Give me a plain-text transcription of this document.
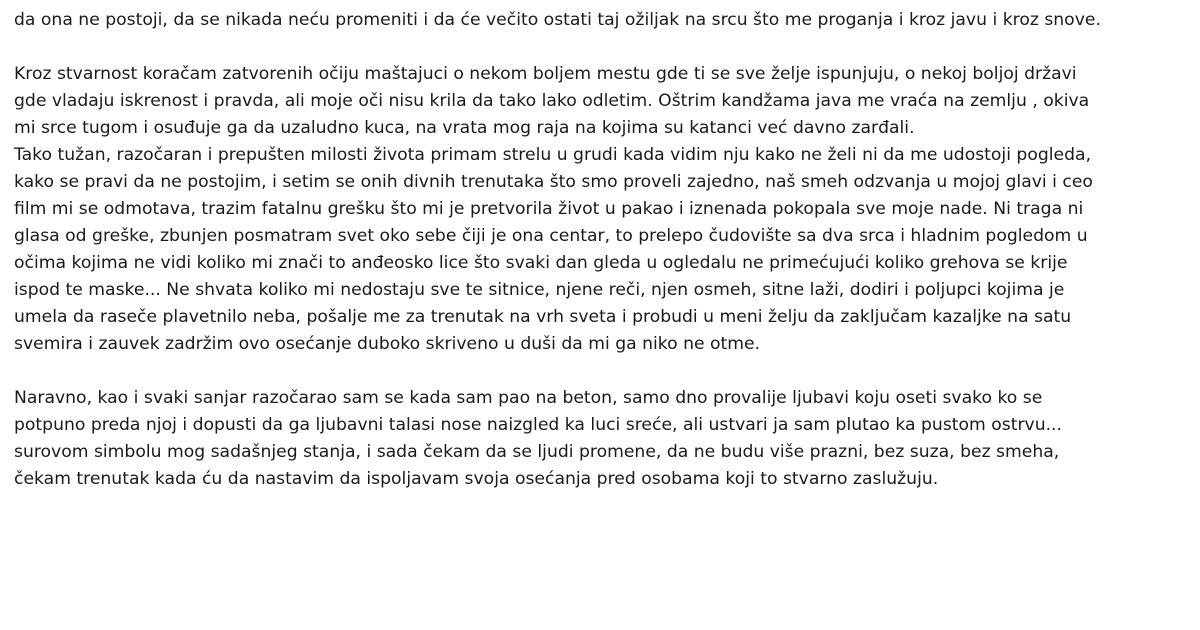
da ona ne postoji, da se nikada neću promeniti i da će večito ostati taj ožiljak na srcu što me proganja i kroz javu i kroz snove.
Kroz stvarnost koračam zatvorenih očiju maštajuci o nekom boljem mestu gde ti se sve želje ispunjuju, o nekoj boljoj državi
gde vladaju iskrenost i pravda, ali moje oči nisu krila da tako lako odletim. Oštrim kandžama java me vraća na zemlju , okiva
mi srce tugom i osuđuje ga da uzaludno kuca, na vrata mog raja na kojima su katanci već davno zarđali.
Tako tužan, razočaran i prepušten milosti života primam strelu u grudi kada vidim nju kako ne želi ni da me udostoji pogleda,
kako se pravi da ne postojim, i setim se onih divnih trenutaka što smo proveli zajedno, naš smeh odzvanja u mojoj glavi i ceo
film mi se odmotava, trazim fatalnu grešku što mi je pretvorila život u pakao i iznenada pokopala sve moje nade. Ni traga ni
glasa od greške, zbunjen posmatram svet oko sebe čiji je ona centar, to prelepo čudovište sa dva srca i hladnim pogledom u
očima kojima ne vidi koliko mi znači to anđeosko lice što svaki dan gleda u ogledalu ne primećujući koliko grehova se krije
ispod te maske... Ne shvata koliko mi nedostaju sve te sitnice, njene reči, njen osmeh, sitne laži, dodiri i poljupci kojima je
umela da raseče plavetnilo neba, pošalje me za trenutak na vrh sveta i probudi u meni želju da zaključam kazaljke na satu
svemira i zauvek zadržim ovo osećanje duboko skriveno u duši da mi ga niko ne otme.
Naravno, kao i svaki sanjar razočarao sam se kada sam pao na beton, samo dno provalije ljubavi koju oseti svako ko se
potpuno preda njoj i dopusti da ga ljubavni talasi nose naizgled ka luci sreće, ali ustvari ja sam plutao ka pustom ostrvu...
surovom simbolu mog sadašnjeg stanja, i sada čekam da se ljudi promene, da ne budu više prazni, bez suza, bez smeha,
čekam trenutak kada ću da nastavim da ispoljavam svoja osećanja pred osobama koji to stvarno zaslužuju.
